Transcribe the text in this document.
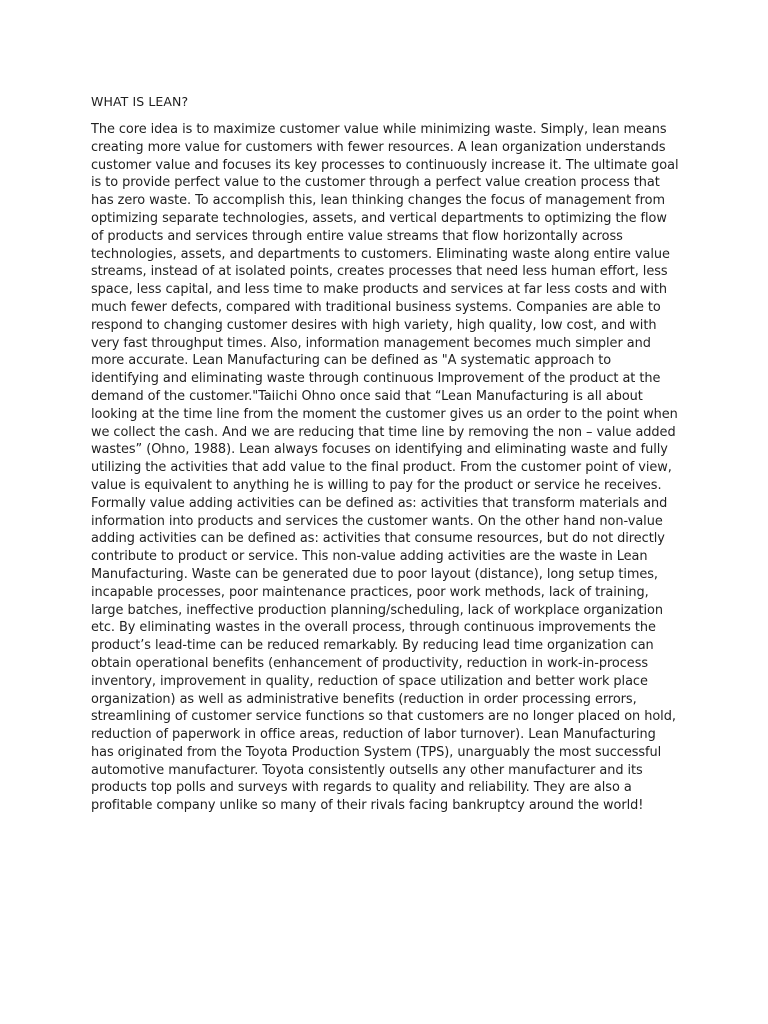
WHAT IS LEAN?

The core idea is to maximize customer value while minimizing waste. Simply, lean means creating more value for customers with fewer resources. A lean organization understands customer value and focuses its key processes to continuously increase it. The ultimate goal is to provide perfect value to the customer through a perfect value creation process that has zero waste. To accomplish this, lean thinking changes the focus of management from optimizing separate technologies, assets, and vertical departments to optimizing the flow of products and services through entire value streams that flow horizontally across technologies, assets, and departments to customers. Eliminating waste along entire value streams, instead of at isolated points, creates processes that need less human effort, less space, less capital, and less time to make products and services at far less costs and with much fewer defects, compared with traditional business systems. Companies are able to respond to changing customer desires with high variety, high quality, low cost, and with very fast throughput times. Also, information management becomes much simpler and more accurate. Lean Manufacturing can be defined as "A systematic approach to identifying and eliminating waste through continuous Improvement of the product at the demand of the customer."Taiichi Ohno once said that “Lean Manufacturing is all about looking at the time line from the moment the customer gives us an order to the point when we collect the cash. And we are reducing that time line by removing the non – value added wastes” (Ohno, 1988). Lean always focuses on identifying and eliminating waste and fully utilizing the activities that add value to the final product. From the customer point of view, value is equivalent to anything he is willing to pay for the product or service he receives. Formally value adding activities can be defined as: activities that transform materials and information into products and services the customer wants. On the other hand non-value adding activities can be defined as: activities that consume resources, but do not directly contribute to product or service. This non-value adding activities are the waste in Lean Manufacturing. Waste can be generated due to poor layout (distance), long setup times, incapable processes, poor maintenance practices, poor work methods, lack of training, large batches, ineffective production planning/scheduling, lack of workplace organization etc. By eliminating wastes in the overall process, through continuous improvements the product’s lead-time can be reduced remarkably. By reducing lead time organization can obtain operational benefits (enhancement of productivity, reduction in work-in-process inventory, improvement in quality, reduction of space utilization and better work place organization) as well as administrative benefits (reduction in order processing errors, streamlining of customer service functions so that customers are no longer placed on hold, reduction of paperwork in office areas, reduction of labor turnover). Lean Manufacturing has originated from the Toyota Production System (TPS), unarguably the most successful automotive manufacturer. Toyota consistently outsells any other manufacturer and its products top polls and surveys with regards to quality and reliability. They are also a profitable company unlike so many of their rivals facing bankruptcy around the world!
